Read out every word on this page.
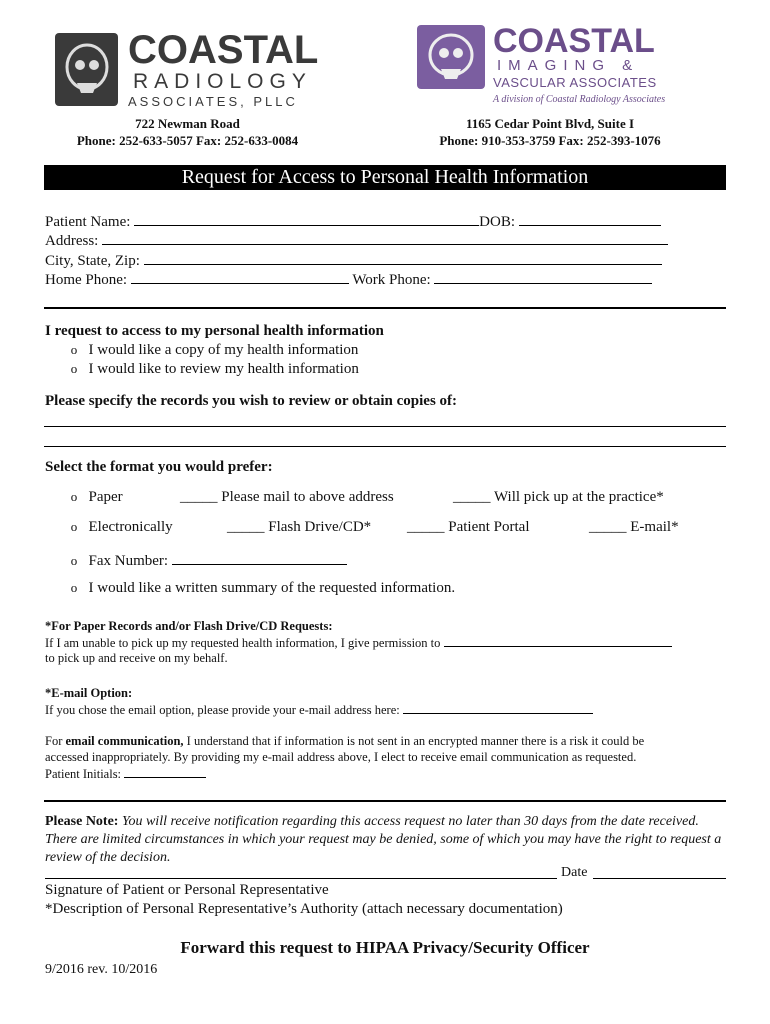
COASTAL
RADIOLOGY
ASSOCIATES, PLLC
COASTAL
IMAGING &
VASCULAR ASSOCIATES
A division of Coastal Radiology Associates
722 Newman Road
Phone: 252-633-5057 Fax: 252-633-0084
1165 Cedar Point Blvd, Suite I
Phone: 910-353-3759 Fax: 252-393-1076
Request for Access to Personal Health Information
Patient Name:	DOB:
Address:
City, State, Zip:
Home Phone:	Work Phone:
I request to access to my personal health information
o I would like a copy of my health information
o I would like to review my health information
Please specify the records you wish to review or obtain copies of:
Select the format you would prefer:
o Paper	_____ Please mail to above address	_____ Will pick up at the practice*
o Electronically	_____ Flash Drive/CD* _____ Patient Portal	_____ E-mail*
o Fax Number:
o I would like a written summary of the requested information.
*For Paper Records and/or Flash Drive/CD Requests:
If I am unable to pick up my requested health information, I give permission to
to pick up and receive on my behalf.
*E-mail Option:
If you chose the email option, please provide your e-mail address here:
For email communication, I understand that if information is not sent in an encrypted manner there is a risk it could be
accessed inappropriately. By providing my e-mail address above, I elect to receive email communication as requested.
Patient Initials:
Please Note: You will receive notification regarding this access request no later than 30 days from the date received.
There are limited circumstances in which your request may be denied, some of which you may have the right to request a
review of the decision.
Date
Signature of Patient or Personal Representative
*Description of Personal Representative’s Authority (attach necessary documentation)
Forward this request to HIPAA Privacy/Security Officer
9/2016 rev. 10/2016
